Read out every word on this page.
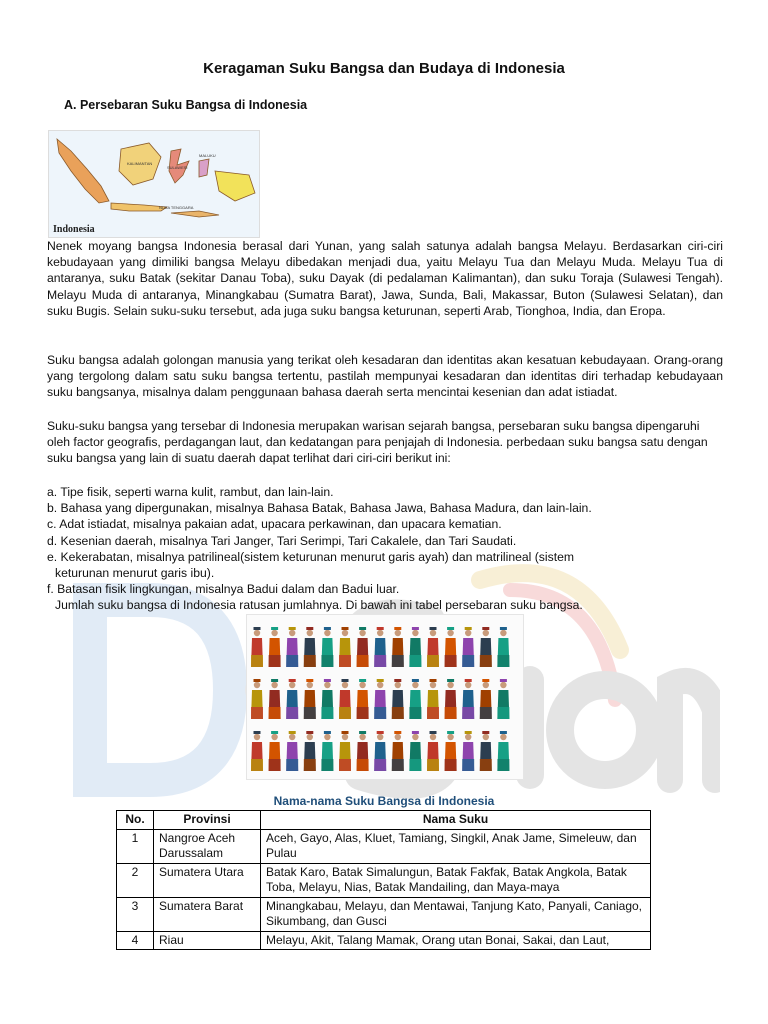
Keragaman Suku Bangsa dan Budaya di Indonesia
A. Persebaran Suku Bangsa di Indonesia
KALIMANTAN
SULAWESI
NUSA TENGGARA
MALUKU
Indonesia

Nenek moyang bangsa Indonesia berasal dari Yunan, yang salah satunya adalah bangsa Melayu. Berdasarkan ciri-ciri kebudayaan yang dimiliki bangsa Melayu dibedakan menjadi dua, yaitu Melayu Tua dan Melayu Muda. Melayu Tua di antaranya, suku Batak (sekitar Danau Toba), suku Dayak (di pedalaman Kalimantan), dan suku Toraja (Sulawesi Tengah). Melayu Muda di antaranya, Minangkabau (Sumatra Barat), Jawa, Sunda, Bali, Makassar, Buton (Sulawesi Selatan), dan suku Bugis. Selain suku-suku tersebut, ada juga suku bangsa keturunan, seperti Arab, Tionghoa, India, dan Eropa.

Suku bangsa adalah golongan manusia yang terikat oleh kesadaran dan identitas akan kesatuan kebudayaan. Orang-orang yang tergolong dalam satu suku bangsa tertentu, pastilah mempunyai kesadaran dan identitas diri terhadap kebudayaan suku bangsanya, misalnya dalam penggunaan bahasa daerah serta mencintai kesenian dan adat istiadat.

Suku-suku bangsa yang tersebar di Indonesia merupakan warisan sejarah bangsa, persebaran suku bangsa dipengaruhi oleh factor geografis, perdagangan laut, dan kedatangan para penjajah di Indonesia. perbedaan suku bangsa satu dengan suku bangsa yang lain di suatu daerah dapat terlihat dari ciri-ciri berikut ini:

a. Tipe fisik, seperti warna kulit, rambut, dan lain-lain.
b. Bahasa yang dipergunakan, misalnya Bahasa Batak, Bahasa Jawa, Bahasa Madura, dan lain-lain.
c. Adat istiadat, misalnya pakaian adat, upacara perkawinan, dan upacara kematian.
d. Kesenian daerah, misalnya Tari Janger, Tari Serimpi, Tari Cakalele, dan Tari Saudati.
e. Kekerabatan, misalnya patrilineal(sistem keturunan menurut garis ayah) dan matrilineal (sistem
keturunan menurut garis ibu).
f. Batasan fisik lingkungan, misalnya Badui dalam dan Badui luar.
Jumlah suku bangsa di Indonesia ratusan jumlahnya. Di bawah ini tabel persebaran suku bangsa.
Nama-nama Suku Bangsa di Indonesia
No.	Provinsi	Nama Suku
1	Nangroe Aceh Darussalam	Aceh, Gayo, Alas, Kluet, Tamiang, Singkil, Anak Jame, Simeleuw, dan Pulau
2	Sumatera Utara	Batak Karo, Batak Simalungun, Batak Fakfak, Batak Angkola, Batak Toba, Melayu, Nias, Batak Mandailing, dan Maya-maya
3	Sumatera Barat	Minangkabau, Melayu, dan Mentawai, Tanjung Kato, Panyali, Caniago, Sikumbang, dan Gusci
4	Riau	Melayu, Akit, Talang Mamak, Orang utan Bonai, Sakai, dan Laut,
